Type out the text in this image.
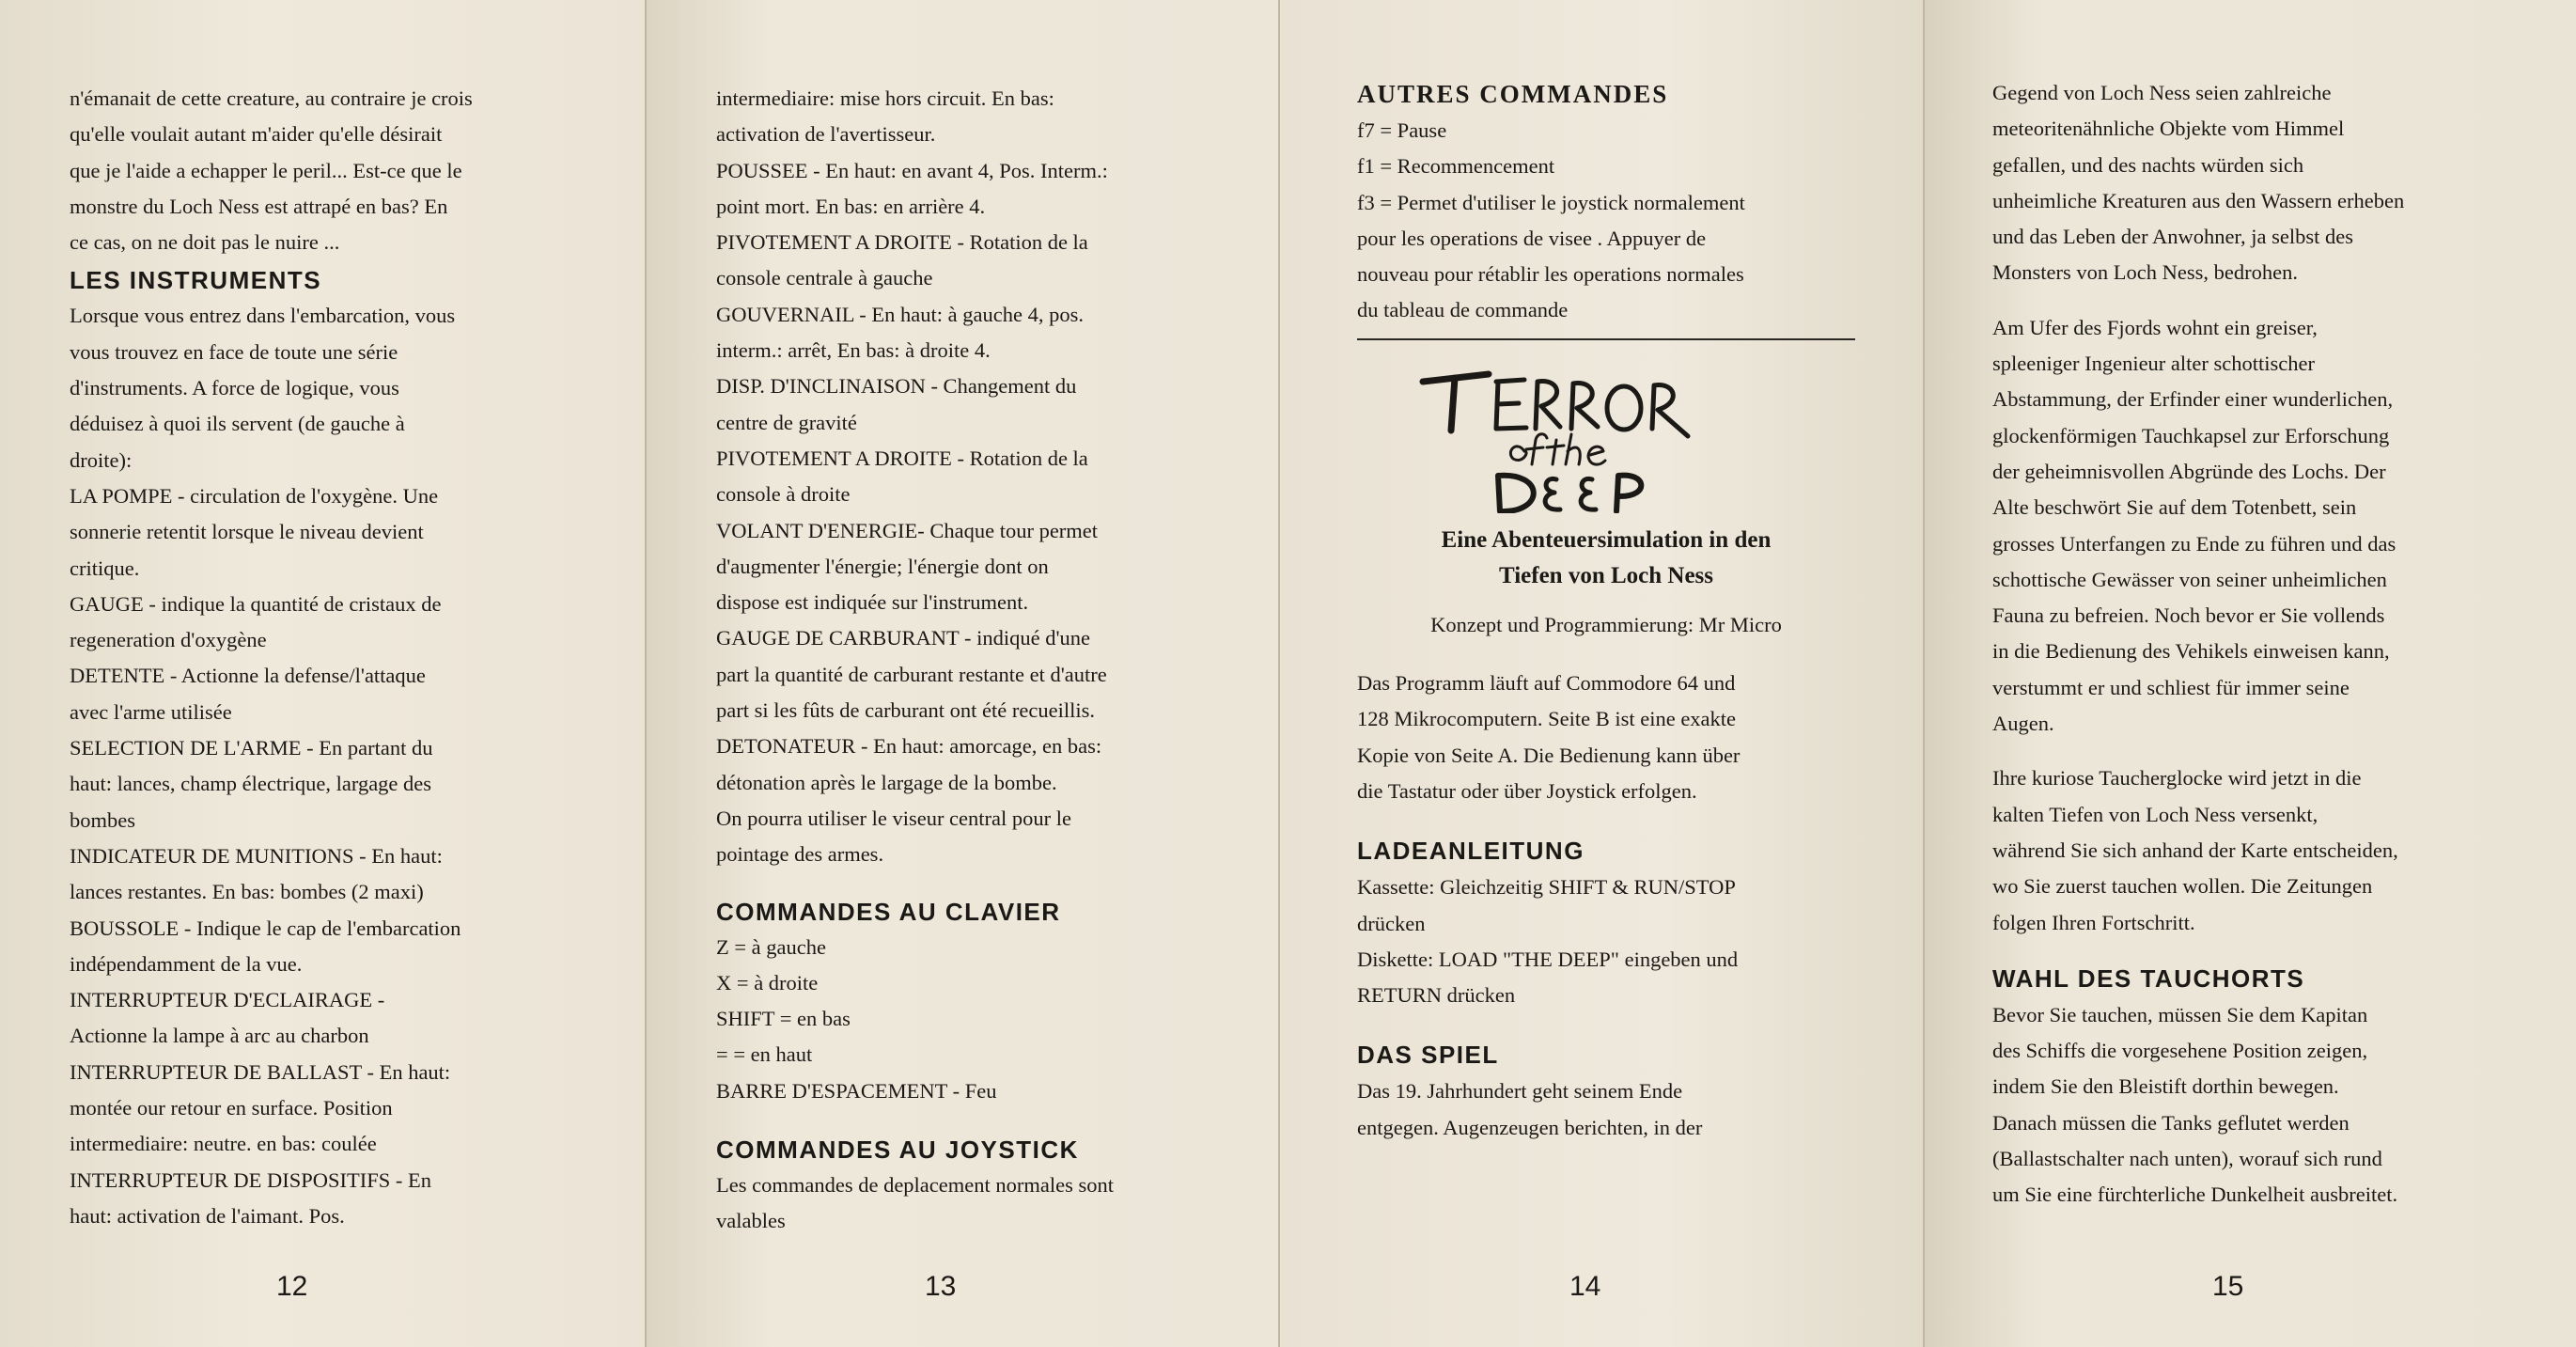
n'émanait de cette creature, au contraire je crois
qu'elle voulait autant m'aider qu'elle désirait
que je l'aide a echapper le peril... Est-ce que le
monstre du Loch Ness est attrapé en bas? En
ce cas, on ne doit pas le nuire ...

LES INSTRUMENTS

Lorsque vous entrez dans l'embarcation, vous
vous trouvez en face de toute une série
d'instruments. A force de logique, vous
déduisez à quoi ils servent (de gauche à
droite):
LA POMPE - circulation de l'oxygène. Une
sonnerie retentit lorsque le niveau devient
critique.
GAUGE - indique la quantité de cristaux de
regeneration d'oxygène
DETENTE - Actionne la defense/l'attaque
avec l'arme utilisée
SELECTION DE L'ARME - En partant du
haut: lances, champ électrique, largage des
bombes
INDICATEUR DE MUNITIONS - En haut:
lances restantes. En bas: bombes (2 maxi)
BOUSSOLE - Indique le cap de l'embarcation
indépendamment de la vue.
INTERRUPTEUR D'ECLAIRAGE -
Actionne la lampe à arc au charbon
INTERRUPTEUR DE BALLAST - En haut:
montée our retour en surface. Position
intermediaire: neutre. en bas: coulée
INTERRUPTEUR DE DISPOSITIFS - En
haut: activation de l'aimant. Pos.
12
intermediaire: mise hors circuit. En bas:
activation de l'avertisseur.
POUSSEE - En haut: en avant 4, Pos. Interm.:
point mort. En bas: en arrière 4.
PIVOTEMENT A DROITE - Rotation de la
console centrale à gauche
GOUVERNAIL - En haut: à gauche 4, pos.
interm.: arrêt, En bas: à droite 4.
DISP. D'INCLINAISON - Changement du
centre de gravité
PIVOTEMENT A DROITE - Rotation de la
console à droite
VOLANT D'ENERGIE- Chaque tour permet
d'augmenter l'énergie; l'énergie dont on
dispose est indiquée sur l'instrument.
GAUGE DE CARBURANT - indiqué d'une
part la quantité de carburant restante et d'autre
part si les fûts de carburant ont été recueillis.
DETONATEUR - En haut: amorcage, en bas:
détonation après le largage de la bombe.
On pourra utiliser le viseur central pour le
pointage des armes.

COMMANDES AU CLAVIER

Z = à gauche
X = à droite
SHIFT = en bas
= = en haut
BARRE D'ESPACEMENT - Feu

COMMANDES AU JOYSTICK

Les commandes de deplacement normales sont
valables
13

AUTRES COMMANDES

f7 = Pause
f1 = Recommencement
f3 = Permet d'utiliser le joystick normalement
pour les operations de visee . Appuyer de
nouveau pour rétablir les operations normales
du tableau de commande
TERROR of the DEEP
Eine Abenteuersimulation in den
Tiefen von Loch Ness

Konzept und Programmierung: Mr Micro

Das Programm läuft auf Commodore 64 und
128 Mikrocomputern. Seite B ist eine exakte
Kopie von Seite A. Die Bedienung kann über
die Tastatur oder über Joystick erfolgen.

LADEANLEITUNG

Kassette: Gleichzeitig SHIFT & RUN/STOP
drücken
Diskette: LOAD "THE DEEP" eingeben und
RETURN drücken

DAS SPIEL

Das 19. Jahrhundert geht seinem Ende
entgegen. Augenzeugen berichten, in der
14
Gegend von Loch Ness seien zahlreiche
meteoritenähnliche Objekte vom Himmel
gefallen, und des nachts würden sich
unheimliche Kreaturen aus den Wassern erheben
und das Leben der Anwohner, ja selbst des
Monsters von Loch Ness, bedrohen.
Am Ufer des Fjords wohnt ein greiser,
spleeniger Ingenieur alter schottischer
Abstammung, der Erfinder einer wunderlichen,
glockenförmigen Tauchkapsel zur Erforschung
der geheimnisvollen Abgründe des Lochs. Der
Alte beschwört Sie auf dem Totenbett, sein
grosses Unterfangen zu Ende zu führen und das
schottische Gewässer von seiner unheimlichen
Fauna zu befreien. Noch bevor er Sie vollends
in die Bedienung des Vehikels einweisen kann,
verstummt er und schliest für immer seine
Augen.
Ihre kuriose Taucherglocke wird jetzt in die
kalten Tiefen von Loch Ness versenkt,
während Sie sich anhand der Karte entscheiden,
wo Sie zuerst tauchen wollen. Die Zeitungen
folgen Ihren Fortschritt.

WAHL DES TAUCHORTS

Bevor Sie tauchen, müssen Sie dem Kapitan
des Schiffs die vorgesehene Position zeigen,
indem Sie den Bleistift dorthin bewegen.
Danach müssen die Tanks geflutet werden
(Ballastschalter nach unten), worauf sich rund
um Sie eine fürchterliche Dunkelheit ausbreitet.
15
